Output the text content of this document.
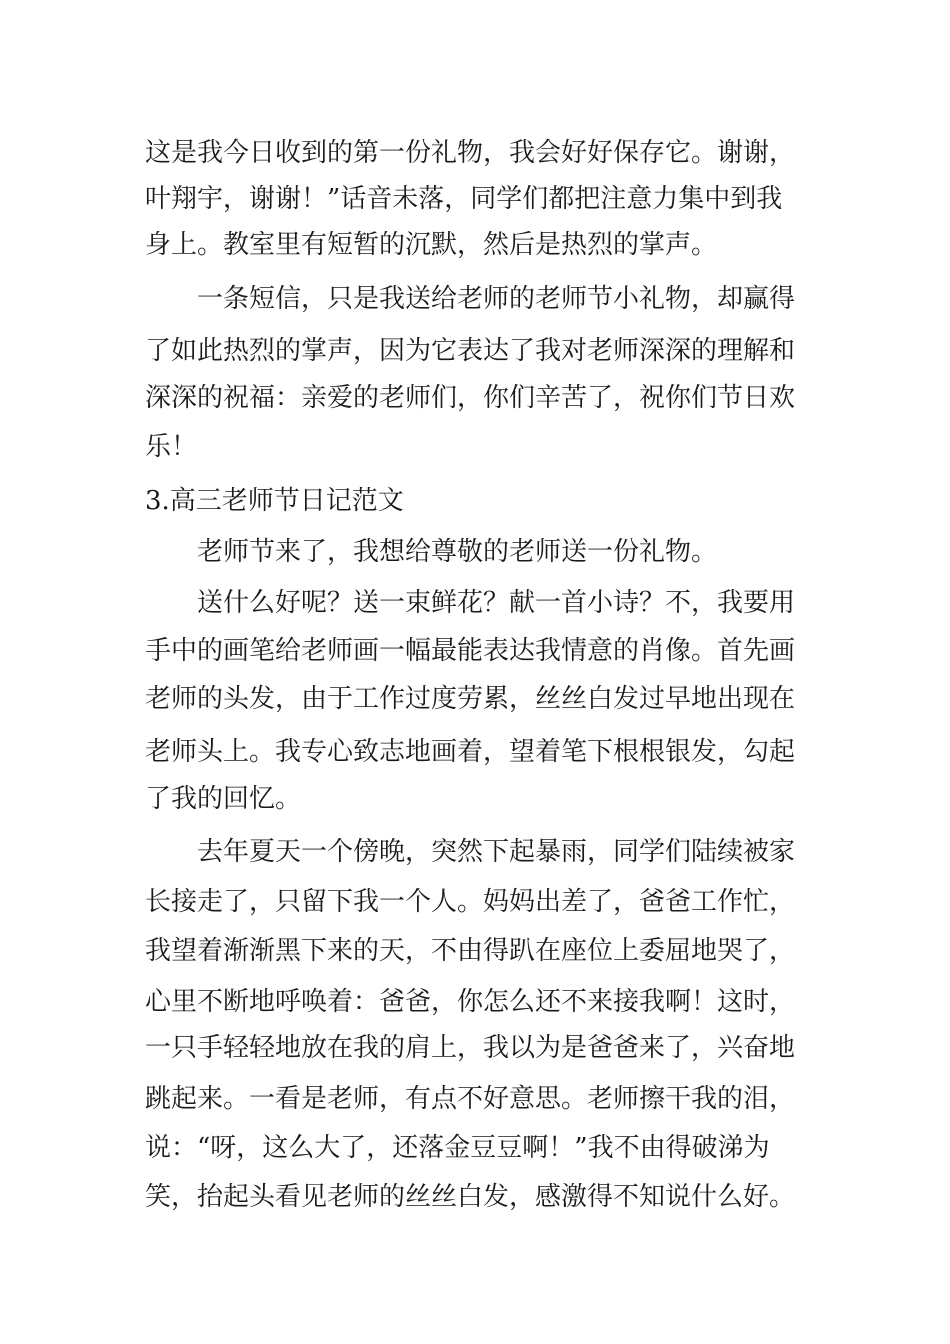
这是我今日收到的第一份礼物，我会好好保存它。谢谢，
叶翔宇，谢谢！”话音未落，同学们都把注意力集中到我
身上。教室里有短暂的沉默，然后是热烈的掌声。
一条短信，只是我送给老师的老师节小礼物，却赢得
了如此热烈的掌声，因为它表达了我对老师深深的理解和
深深的祝福：亲爱的老师们，你们辛苦了，祝你们节日欢
乐！
3.高三老师节日记范文
老师节来了，我想给尊敬的老师送一份礼物。
送什么好呢？送一束鲜花？献一首小诗？不，我要用
手中的画笔给老师画一幅最能表达我情意的肖像。首先画
老师的头发，由于工作过度劳累，丝丝白发过早地出现在
老师头上。我专心致志地画着，望着笔下根根银发，勾起
了我的回忆。
去年夏天一个傍晚，突然下起暴雨，同学们陆续被家
长接走了，只留下我一个人。妈妈出差了，爸爸工作忙，
我望着渐渐黑下来的天，不由得趴在座位上委屈地哭了，
心里不断地呼唤着：爸爸，你怎么还不来接我啊！这时，
一只手轻轻地放在我的肩上，我以为是爸爸来了，兴奋地
跳起来。一看是老师，有点不好意思。老师擦干我的泪，
说：“呀，这么大了，还落金豆豆啊！”我不由得破涕为
笑，抬起头看见老师的丝丝白发，感激得不知说什么好。
